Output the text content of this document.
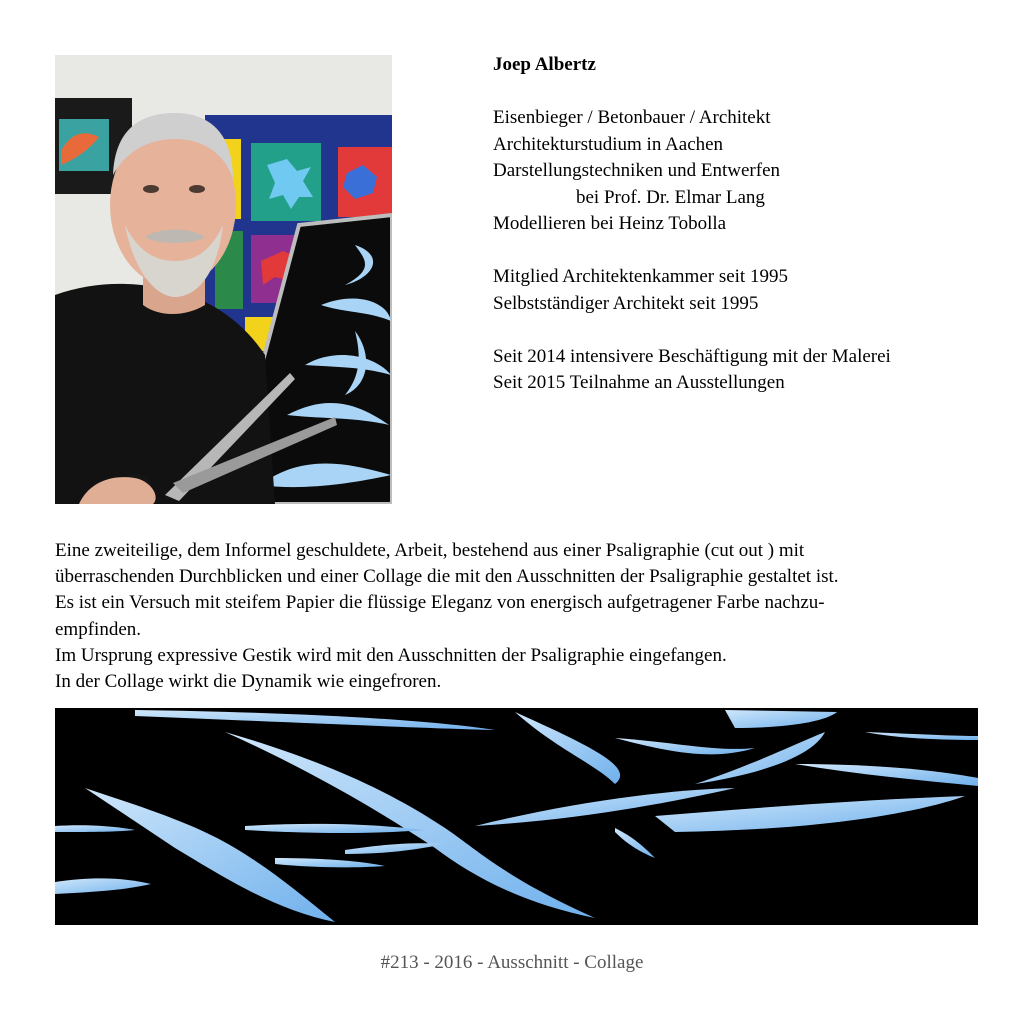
Joep Albertz
Eisenbieger / Betonbauer / Architekt
Architekturstudium in Aachen
Darstellungstechniken und Entwerfen
bei Prof. Dr. Elmar Lang
Modellieren bei Heinz Tobolla
Mitglied Architektenkammer seit 1995
Selbstständiger Architekt seit 1995
Seit 2014 intensivere Beschäftigung mit der Malerei
Seit 2015 Teilnahme an Ausstellungen
Eine zweiteilige, dem Informel geschuldete, Arbeit, bestehend aus einer Psaligraphie (cut out ) mit
überraschenden Durchblicken und einer Collage die mit den Ausschnitten der Psaligraphie gestaltet ist.
Es ist ein Versuch mit steifem Papier die flüssige Eleganz von energisch aufgetragener Farbe nachzu-
empfinden.
Im Ursprung expressive Gestik wird mit den Ausschnitten der Psaligraphie eingefangen.
In der Collage wirkt die Dynamik wie eingefroren.
#213 - 2016 - Ausschnitt - Collage
